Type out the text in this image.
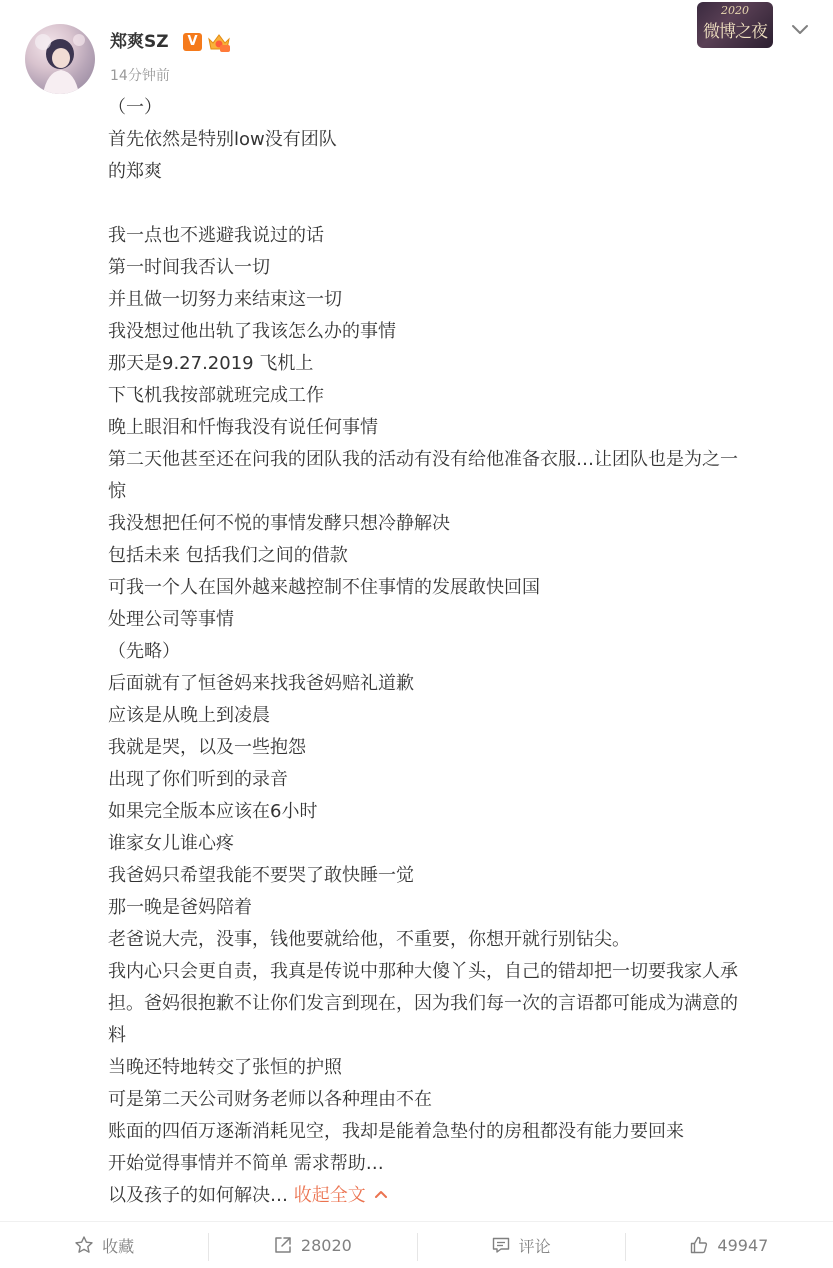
郑爽SZ	V
14分钟前
2020
微博之夜
（一）
首先依然是特别low没有团队
的郑爽
我一点也不逃避我说过的话
第一时间我否认一切
并且做一切努力来结束这一切
我没想过他出轨了我该怎么办的事情
那天是9.27.2019 飞机上
下飞机我按部就班完成工作
晚上眼泪和忏悔我没有说任何事情
第二天他甚至还在问我的团队我的活动有没有给他准备衣服…让团队也是为之一
惊
我没想把任何不悦的事情发酵只想冷静解决
包括未来 包括我们之间的借款
可我一个人在国外越来越控制不住事情的发展敢快回国
处理公司等事情
（先略）
后面就有了恒爸妈来找我爸妈赔礼道歉
应该是从晚上到凌晨
我就是哭，以及一些抱怨
出现了你们听到的录音
如果完全版本应该在6小时
谁家女儿谁心疼
我爸妈只希望我能不要哭了敢快睡一觉
那一晚是爸妈陪着
老爸说大壳，没事，钱他要就给他，不重要，你想开就行别钻尖。
我内心只会更自责，我真是传说中那种大傻丫头，自己的错却把一切要我家人承
担。爸妈很抱歉不让你们发言到现在，因为我们每一次的言语都可能成为满意的
料
当晚还特地转交了张恒的护照
可是第二天公司财务老师以各种理由不在
账面的四佰万逐渐消耗见空，我却是能着急垫付的房租都没有能力要回来
开始觉得事情并不简单 需求帮助…
以及孩子的如何解决… 收起全文
收藏	28020	评论	49947
